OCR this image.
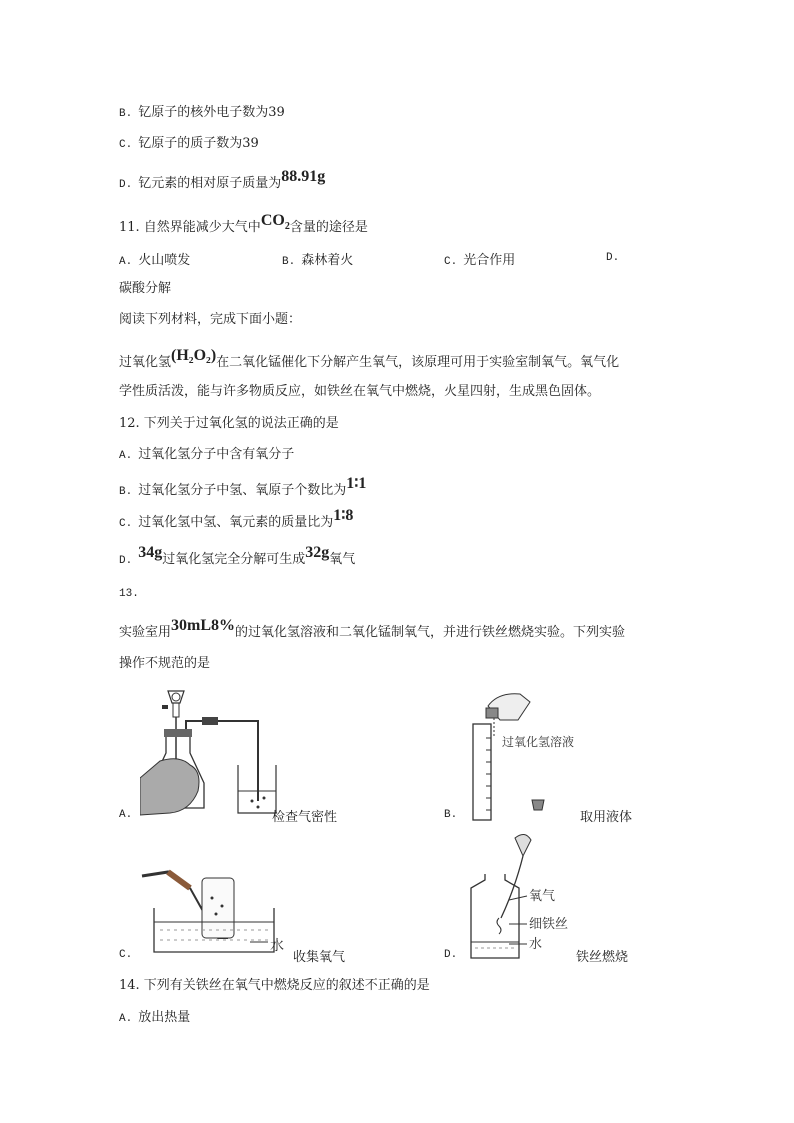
B. 钇原子的核外电子数为39
C. 钇原子的质子数为39
D. 钇元素的相对原子质量为88.91g
11. 自然界能减少大气中$CO_2$含量的途径是
A. 火山喷发	B. 森林着火	C. 光合作用	D.
碳酸分解
阅读下列材料，完成下面小题：
过氧化氢(H₂O₂)在二氧化锰催化下分解产生氧气，该原理可用于实验室制氧气。氧气化
学性质活泼，能与许多物质反应，如铁丝在氧气中燃烧，火星四射，生成黑色固体。
12. 下列关于过氧化氢的说法正确的是
A. 过氧化氢分子中含有氧分子
B. 过氧化氢分子中氢、氧原子个数比为1∶1
C. 过氧化氢中氢、氧元素的质量比为1∶8
D. 34g过氧化氢完全分解可生成32g氧气
13.
实验室用30mL8%的过氧化氢溶液和二氧化锰制氧气，并进行铁丝燃烧实验。下列实验
操作不规范的是
A.	检查气密性
过氧化氢溶液
B.	取用液体
水
C.	收集氧气
氧气
细铁丝
水
D.	铁丝燃烧
14. 下列有关铁丝在氧气中燃烧反应的叙述不正确的是
A. 放出热量
